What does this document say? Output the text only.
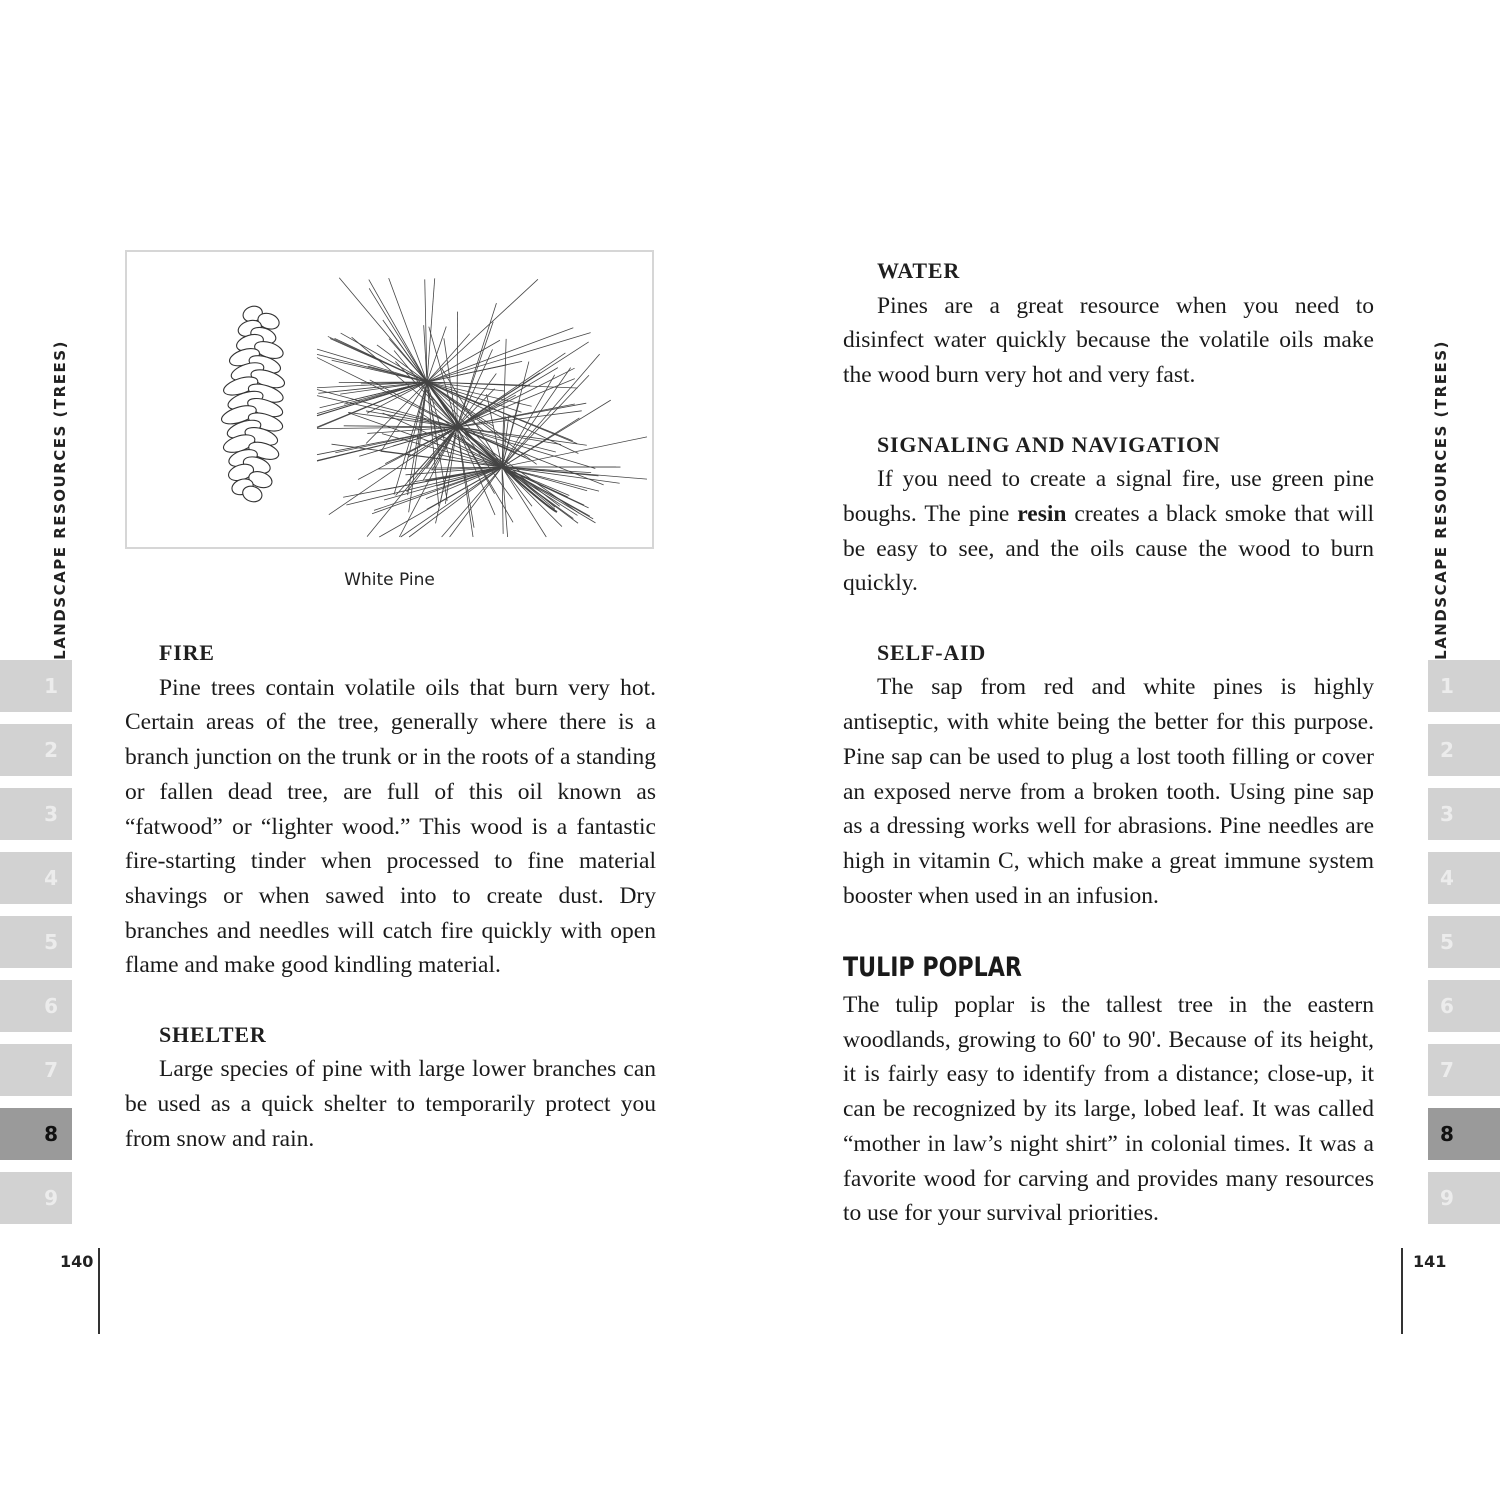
LANDSCAPE RESOURCES (TREES)	White Pine

FIRE

Pine trees contain volatile oils that burn very hot. Certain areas of the tree, generally where there is a branch junction on the trunk or in the roots of a standing or fallen dead tree, are full of this oil known as “fatwood” or “lighter wood.” This wood is a fantastic fire-starting tinder when processed to fine material shavings or when sawed into to create dust. Dry branches and needles will catch fire quickly with open flame and make good kindling material.

SHELTER

Large species of pine with large lower branches can be used as a quick shelter to temporarily protect you from snow and rain.

1
2
3
4
5
6
7
8
9
140

WATER

Pines are a great resource when you need to disinfect water quickly because the volatile oils make the wood burn very hot and very fast.

SIGNALING AND NAVIGATION

If you need to create a signal fire, use green pine boughs. The pine resin creates a black smoke that will be easy to see, and the oils cause the wood to burn quickly.

SELF-AID

The sap from red and white pines is highly antiseptic, with white being the better for this purpose. Pine sap can be used to plug a lost tooth filling or cover an exposed nerve from a broken tooth. Using pine sap as a dressing works well for abrasions. Pine needles are high in vitamin C, which make a great immune system booster when used in an infusion.

TULIP POPLAR

The tulip poplar is the tallest tree in the eastern woodlands, growing to 60' to 90'. Because of its height, it is fairly easy to identify from a distance; close-up, it can be recognized by its large, lobed leaf. It was called “mother in law’s night shirt” in colonial times. It was a favorite wood for carving and provides many resources to use for your survival priorities.

LANDSCAPE RESOURCES (TREES)
1
2
3
4
5
6
7
8
9
141
